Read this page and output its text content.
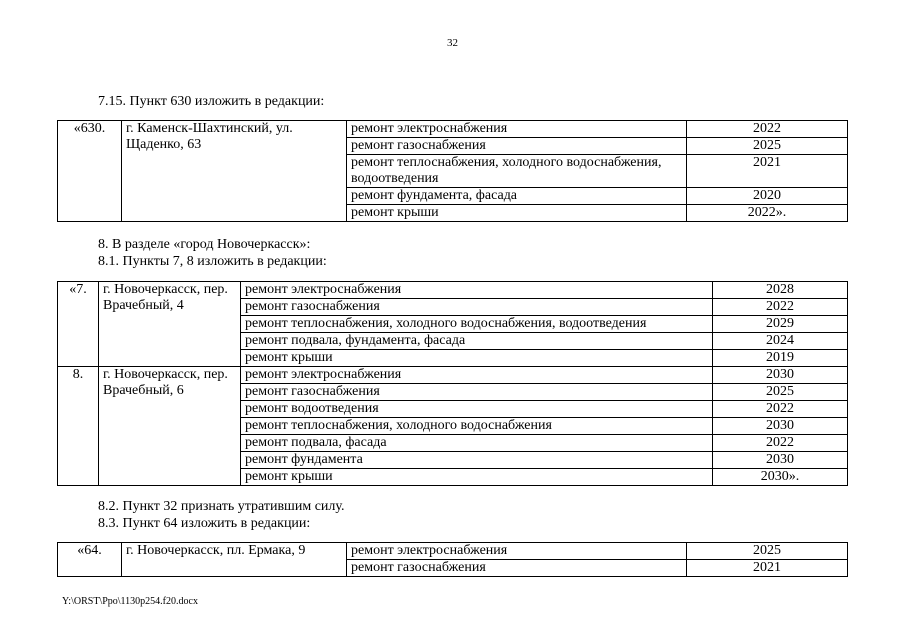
32
7.15. Пункт 630 изложить в редакции:
«630.	г. Каменск-Шахтинский, ул. Щаденко, 63	ремонт электроснабжения	2022
		ремонт газоснабжения	2025
		ремонт теплоснабжения, холодного водоснабжения, водоотведения	2021
		ремонт фундамента, фасада	2020
		ремонт крыши	2022».
8. В разделе «город Новочеркасск»:
8.1. Пункты 7, 8 изложить в редакции:
«7.	г. Новочеркасск, пер. Врачебный, 4	ремонт электроснабжения	2028
		ремонт газоснабжения	2022
		ремонт теплоснабжения, холодного водоснабжения, водоотведения	2029
		ремонт подвала, фундамента, фасада	2024
		ремонт крыши	2019
8.	г. Новочеркасск, пер. Врачебный, 6	ремонт электроснабжения	2030
		ремонт газоснабжения	2025
		ремонт водоотведения	2022
		ремонт теплоснабжения, холодного водоснабжения	2030
		ремонт подвала, фасада	2022
		ремонт фундамента	2030
		ремонт крыши	2030».
8.2. Пункт 32 признать утратившим силу.
8.3. Пункт 64 изложить в редакции:
«64.	г. Новочеркасск, пл. Ермака, 9	ремонт электроснабжения	2025
		ремонт газоснабжения	2021
Y:\ORST\Ppo\1130p254.f20.docx
